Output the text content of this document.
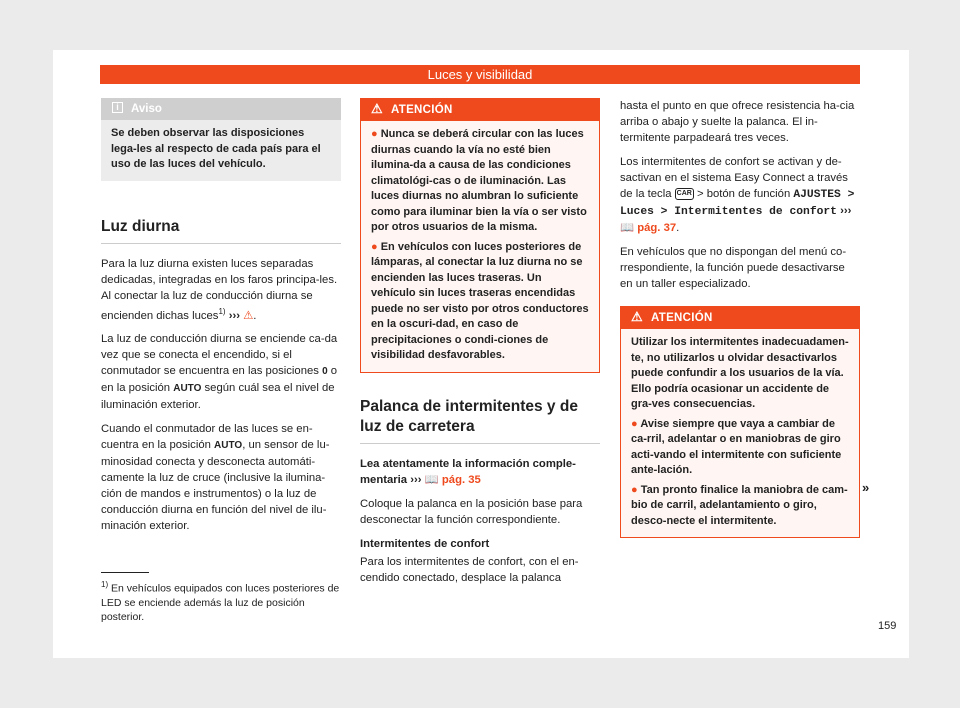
Luces y visibilidad
i	Aviso
Se deben observar las disposiciones lega-les al respecto de cada país para el uso de las luces del vehículo.
Luz diurna

Para la luz diurna existen luces separadas dedicadas, integradas en los faros principa-les. Al conectar la luz de conducción diurna se encienden dichas luces$^{1)}$ ››› ⚠.

La luz de conducción diurna se enciende ca-da vez que se conecta el encendido, si el conmutador se encuentra en las posiciones 0 o en la posición AUTO según cuál sea el nivel de iluminación exterior.

Cuando el conmutador de las luces se en-cuentra en la posición AUTO, un sensor de lu-minosidad conecta y desconecta automáti-camente la luz de cruce (inclusive la ilumina-ción de mandos e instrumentos) o la luz de conducción diurna en función del nivel de ilu-minación exterior.

$^{1)}$ En vehículos equipados con luces posteriores de LED se enciende además la luz de posición posterior.
⚠ ATENCIÓN

● Nunca se deberá circular con las luces diurnas cuando la vía no esté bien ilumina-da a causa de las condiciones climatológi-cas o de iluminación. Las luces diurnas no alumbran lo suficiente como para iluminar bien la vía o ser visto por otros usuarios de la misma.

● En vehículos con luces posteriores de lámparas, al conectar la luz diurna no se encienden las luces traseras. Un vehículo sin luces traseras encendidas puede no ser visto por otros conductores en la oscuri-dad, en caso de precipitaciones o condi-ciones de visibilidad desfavorables.

Palanca de intermitentes y de luz de carretera

Lea atentamente la información comple-mentaria ››› 📖 pág. 35

Coloque la palanca en la posición base para desconectar la función correspondiente.

Intermitentes de confort

Para los intermitentes de confort, con el en-cendido conectado, desplace la palanca

hasta el punto en que ofrece resistencia ha-cia arriba o abajo y suelte la palanca. El in-termitente parpadeará tres veces.

Los intermitentes de confort se activan y de-sactivan en el sistema Easy Connect a través de la tecla CAR > botón de función AJUSTES > Luces > Intermitentes de confort ››› 📖 pág. 37.

En vehículos que no dispongan del menú co-rrespondiente, la función puede desactivarse en un taller especializado.

⚠ ATENCIÓN

Utilizar los intermitentes inadecuadamen-te, no utilizarlos u olvidar desactivarlos puede confundir a los usuarios de la vía. Ello podría ocasionar un accidente de gra-ves consecuencias.

● Avise siempre que vaya a cambiar de ca-rril, adelantar o en maniobras de giro acti-vando el intermitente con suficiente ante-lación.

● Tan pronto finalice la maniobra de cam-bio de carril, adelantamiento o giro, desco-necte el intermitente.

»
159
